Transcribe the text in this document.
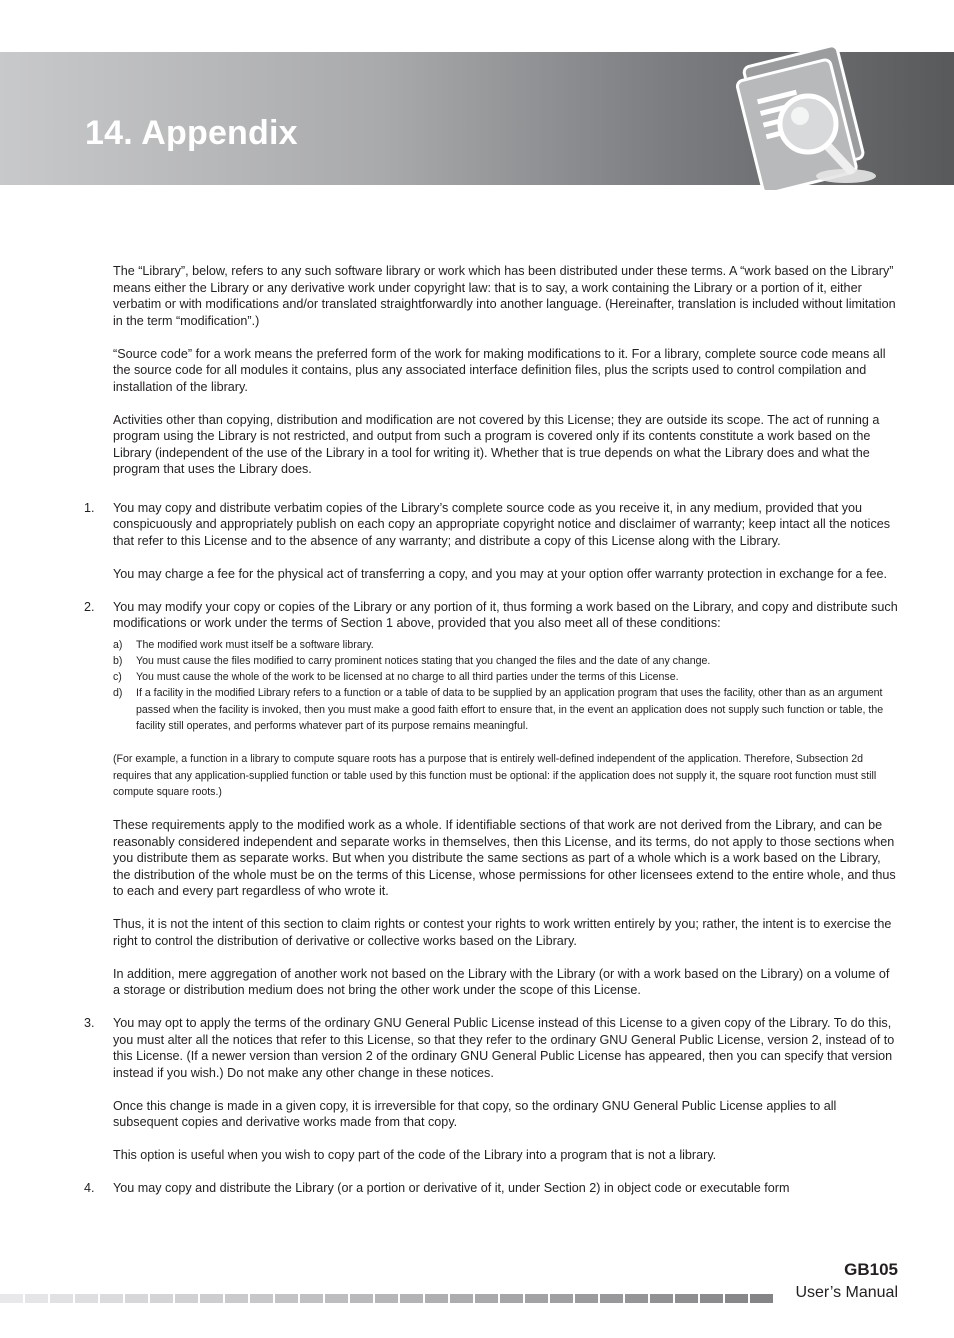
14. Appendix

The “Library”, below, refers to any such software library or work which has been distributed under these terms. A “work based on the Library” means either the Library or any derivative work under copyright law: that is to say, a work containing the Library or a portion of it, either verbatim or with modifications and/or translated straightforwardly into another language. (Hereinafter, translation is included without limitation in the term “modification”.)

“Source code” for a work means the preferred form of the work for making modifications to it. For a library, complete source code means all the source code for all modules it contains, plus any associated interface definition files, plus the scripts used to control compilation and installation of the library.

Activities other than copying, distribution and modification are not covered by this License; they are outside its scope. The act of running a program using the Library is not restricted, and output from such a program is covered only if its contents constitute a work based on the Library (independent of the use of the Library in a tool for writing it). Whether that is true depends on what the Library does and what the program that uses the Library does.

1. You may copy and distribute verbatim copies of the Library’s complete source code as you receive it, in any medium, provided that you conspicuously and appropriately publish on each copy an appropriate copyright notice and disclaimer of warranty; keep intact all the notices that refer to this License and to the absence of any warranty; and distribute a copy of this License along with the Library.

You may charge a fee for the physical act of transferring a copy, and you may at your option offer warranty protection in exchange for a fee.

2. You may modify your copy or copies of the Library or any portion of it, thus forming a work based on the Library, and copy and distribute such modifications or work under the terms of Section 1 above, provided that you also meet all of these conditions:

a) The modified work must itself be a software library.
b) You must cause the files modified to carry prominent notices stating that you changed the files and the date of any change.
c) You must cause the whole of the work to be licensed at no charge to all third parties under the terms of this License.
d) If a facility in the modified Library refers to a function or a table of data to be supplied by an application program that uses the facility, other than as an argument passed when the facility is invoked, then you must make a good faith effort to ensure that, in the event an application does not supply such function or table, the facility still operates, and performs whatever part of its purpose remains meaningful.

(For example, a function in a library to compute square roots has a purpose that is entirely well-defined independent of the application. Therefore, Subsection 2d requires that any application-supplied function or table used by this function must be optional: if the application does not supply it, the square root function must still compute square roots.)

These requirements apply to the modified work as a whole. If identifiable sections of that work are not derived from the Library, and can be reasonably considered independent and separate works in themselves, then this License, and its terms, do not apply to those sections when you distribute them as separate works. But when you distribute the same sections as part of a whole which is a work based on the Library, the distribution of the whole must be on the terms of this License, whose permissions for other licensees extend to the entire whole, and thus to each and every part regardless of who wrote it.

Thus, it is not the intent of this section to claim rights or contest your rights to work written entirely by you; rather, the intent is to exercise the right to control the distribution of derivative or collective works based on the Library.

In addition, mere aggregation of another work not based on the Library with the Library (or with a work based on the Library) on a volume of a storage or distribution medium does not bring the other work under the scope of this License.

3. You may opt to apply the terms of the ordinary GNU General Public License instead of this License to a given copy of the Library. To do this, you must alter all the notices that refer to this License, so that they refer to the ordinary GNU General Public License, version 2, instead of to this License. (If a newer version than version 2 of the ordinary GNU General Public License has appeared, then you can specify that version instead if you wish.) Do not make any other change in these notices.

Once this change is made in a given copy, it is irreversible for that copy, so the ordinary GNU General Public License applies to all subsequent copies and derivative works made from that copy.

This option is useful when you wish to copy part of the code of the Library into a program that is not a library.

4. You may copy and distribute the Library (or a portion or derivative of it, under Section 2) in object code or executable form

GB105
User’s Manual
